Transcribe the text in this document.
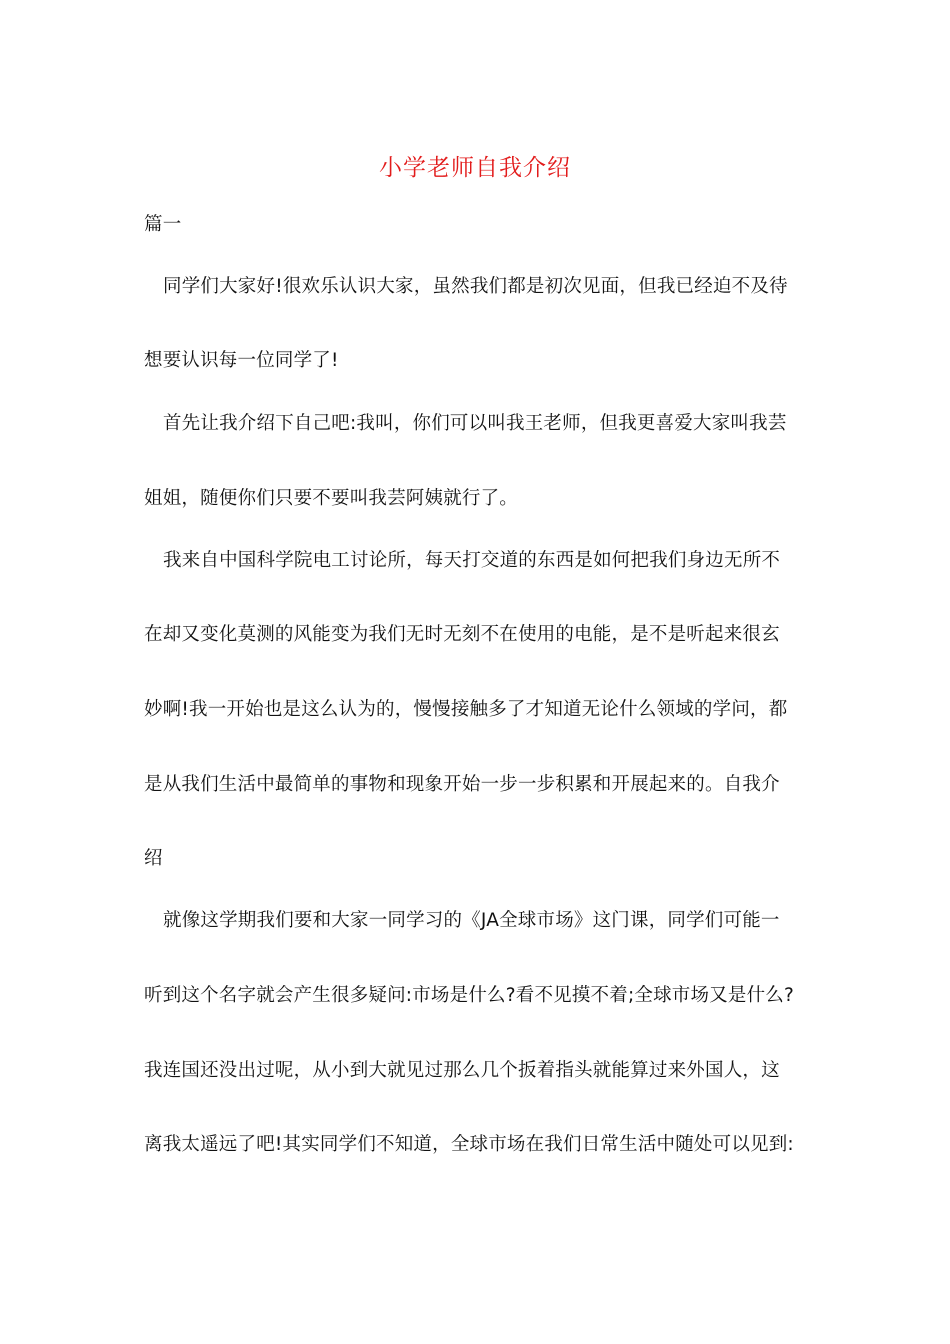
小学老师自我介绍
篇一
同学们大家好!很欢乐认识大家，虽然我们都是初次见面，但我已经迫不及待
想要认识每一位同学了!
首先让我介绍下自己吧:我叫，你们可以叫我王老师，但我更喜爱大家叫我芸
姐姐，随便你们只要不要叫我芸阿姨就行了。
我来自中国科学院电工讨论所，每天打交道的东西是如何把我们身边无所不
在却又变化莫测的风能变为我们无时无刻不在使用的电能，是不是听起来很玄
妙啊!我一开始也是这么认为的，慢慢接触多了才知道无论什么领域的学问，都
是从我们生活中最简单的事物和现象开始一步一步积累和开展起来的。自我介
绍
就像这学期我们要和大家一同学习的《JA全球市场》这门课，同学们可能一
听到这个名字就会产生很多疑问:市场是什么?看不见摸不着;全球市场又是什么?
我连国还没出过呢，从小到大就见过那么几个扳着指头就能算过来外国人，这
离我太遥远了吧!其实同学们不知道，全球市场在我们日常生活中随处可以见到:
